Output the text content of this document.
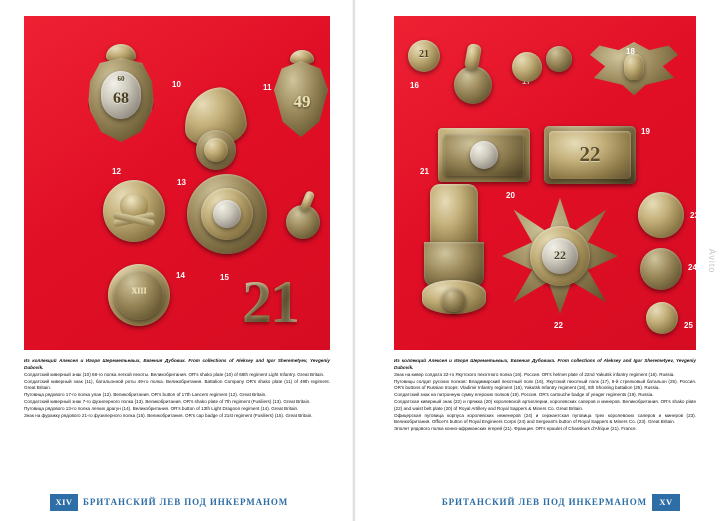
60
68
10	11
49
13
12
XIII
14 21
15

Из коллекций Алексея и Игоря Шереметьевых, Евгения Дубовик. From collections of Aleksey and Igor Sheremetyev, Yevgeniy Dubovik.

Солдатский киверный знак (10) 68-го полка легкой пехоты. Великобритания. OR's shako plate (10) of 68th regiment Light Infantry. Great Britain.

Солдатский киверный знак (11), батальонной роты 49-го полка. Великобритания. Battalion Company OR's shako plate (11) of 49th regiment. Great Britain.

Пуговица рядового 17-го полка улан (12). Великобритания. OR's button of 17th Lancers regiment (12). Great Britain.

Солдатский киверный знак 7-го фузилерного полка (13). Великобритания. OR's shako plate of 7th regiment (Fusiliers) (13). Great Britain.

Пуговица рядового 13-го полка легких драгун (14). Великобритания. OR's button of 13th Light Dragoon regiment (14). Great Britain.

Знак на фуражку рядового 21-го фузилерного полка (15). Великобритания. OR's cap badge of 21st regiment (Fusiliers) (15). Great Britain.

XIV	БРИТАНСКИЙ ЛЕВ ПОД ИНКЕРМАНОМ
21
16
18
22
19
20
21
22
22
23
24
25

Из коллекций Алексея и Игоря Шереметьевых, Евгения Дубовика. From collections of Aleksey and Igor Sheremetyev, Yevgeniy Dubovik.

Знак на кивер солдата 22-го Якутского пехотного полка (16). Россия. OR's helmet plate of 22nd Yakutsk infantry regiment (16). Russia.

Пуговицы солдат русских полков: Владимирский пехотный полк (16), Якутский пехотный полк (17), 6-й стрелковый батальон (25). Россия. OR's buttons of Russian troops: Vladimir Infantry regiment (16), Yakutsk Infantry regiment (16), 6th Shooting battalion (25). Russia.

Солдатский знак на патронную сумку егерских полков (19). Россия. OR's cartouche badge of yeager regiments (19). Russia.

Солдатская киверный знак (22) и пряжка (20) королевской артиллерии, королевских саперов и минеров. Великобритания. OR's shako plate (22) and waist belt plate (20) of Royal Artillery and Royal Sappers & Miners Co. Great Britain.

Офицерская пуговица корпуса королевских инженеров (24) и сержантская пуговица трех королевских саперов и минеров (23). Великобритания. Officer's button of Royal Engineers Corps (24) and Sergeant's button of Royal Sappers & Miners Co. (23). Great Britain.

Эполет рядового полка конно-африканских егерей (21). Франция. OR's epaulet of Chasskurs d'Afrique (21). France.

БРИТАНСКИЙ ЛЕВ ПОД ИНКЕРМАНОМ	XV
Avito
